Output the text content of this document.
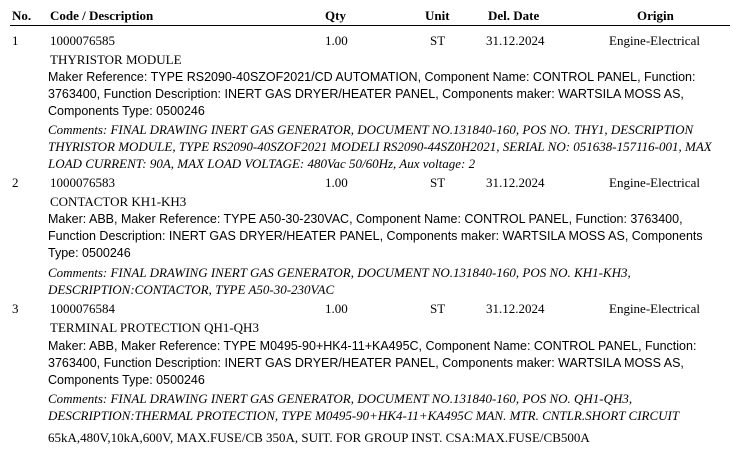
No. Code / Description	Qty	Unit	Del. Date	Origin
1 1000076585	1.00	ST	31.12.2024	Engine-Electrical
THYRISTOR MODULE
Maker Reference: TYPE RS2090-40SZOF2021/CD AUTOMATION, Component Name: CONTROL PANEL, Function: 3763400, Function Description: INERT GAS DRYER/HEATER PANEL, Components maker: WARTSILA MOSS AS, Components Type: 0500246
Comments: FINAL DRAWING INERT GAS GENERATOR, DOCUMENT NO.131840-160, POS NO. THY1, DESCRIPTION THYRISTOR MODULE, TYPE RS2090-40SZOF2021 MODELI RS2090-44SZ0H2021, SERIAL NO: 051638-157116-001, MAX LOAD CURRENT: 90A, MAX LOAD VOLTAGE: 480Vac 50/60Hz, Aux voltage: 2
2 1000076583	1.00	ST	31.12.2024	Engine-Electrical
CONTACTOR KH1-KH3
Maker: ABB, Maker Reference: TYPE A50-30-230VAC, Component Name: CONTROL PANEL, Function: 3763400, Function Description: INERT GAS DRYER/HEATER PANEL, Components maker: WARTSILA MOSS AS, Components Type: 0500246
Comments: FINAL DRAWING INERT GAS GENERATOR, DOCUMENT NO.131840-160, POS NO. KH1-KH3, DESCRIPTION:CONTACTOR, TYPE A50-30-230VAC
3 1000076584	1.00	ST	31.12.2024	Engine-Electrical
TERMINAL PROTECTION QH1-QH3
Maker: ABB, Maker Reference: TYPE M0495-90+HK4-11+KA495C, Component Name: CONTROL PANEL, Function: 3763400, Function Description: INERT GAS DRYER/HEATER PANEL, Components maker: WARTSILA MOSS AS, Components Type: 0500246
Comments: FINAL DRAWING INERT GAS GENERATOR, DOCUMENT NO.131840-160, POS NO. QH1-QH3, DESCRIPTION:THERMAL PROTECTION, TYPE M0495-90+HK4-11+KA495C MAN. MTR. CNTLR.SHORT CIRCUIT
65kA,480V,10kA,600V, MAX.FUSE/CB 350A, SUIT. FOR GROUP INST. CSA:MAX.FUSE/CB500A
